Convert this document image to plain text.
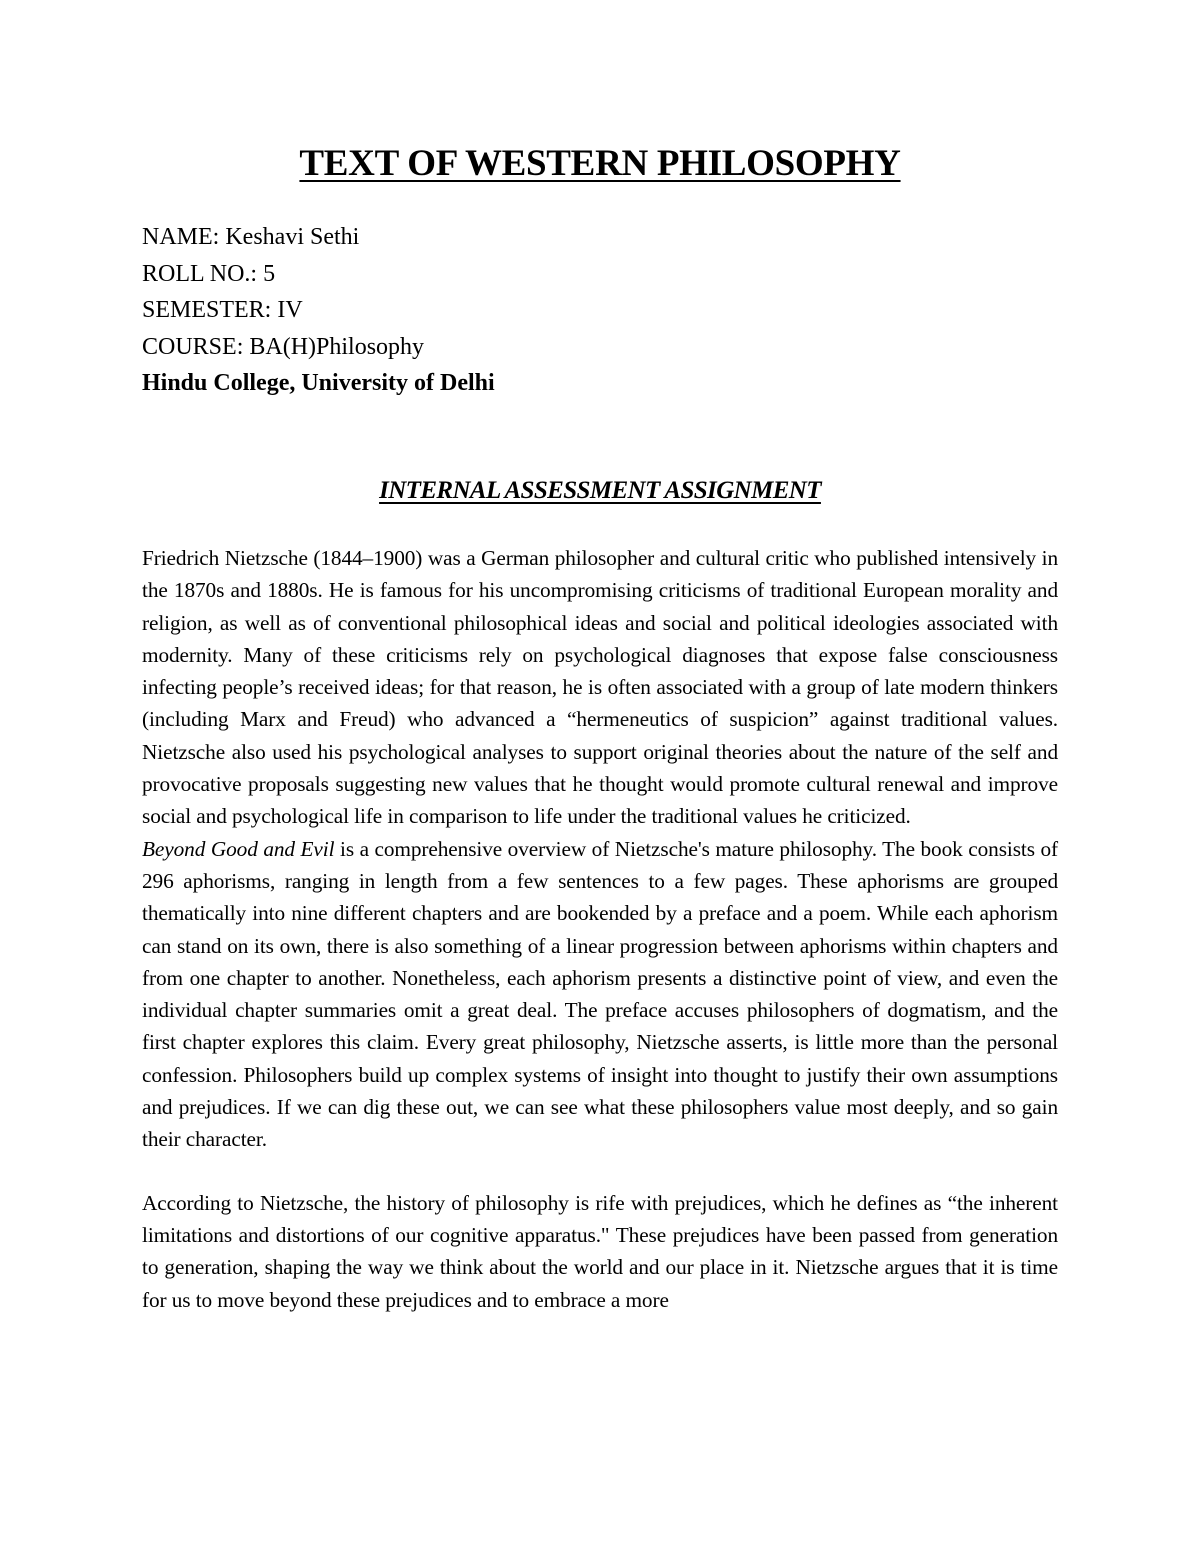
TEXT OF WESTERN PHILOSOPHY
NAME: Keshavi Sethi
ROLL NO.: 5
SEMESTER: IV
COURSE: BA(H)Philosophy
Hindu College, University of Delhi
INTERNAL ASSESSMENT ASSIGNMENT

Friedrich Nietzsche (1844–1900) was a German philosopher and cultural critic who published intensively in the 1870s and 1880s. He is famous for his uncompromising criticisms of traditional European morality and religion, as well as of conventional philosophical ideas and social and political ideologies associated with modernity. Many of these criticisms rely on psychological diagnoses that expose false consciousness infecting people’s received ideas; for that reason, he is often associated with a group of late modern thinkers (including Marx and Freud) who advanced a “hermeneutics of suspicion” against traditional values. Nietzsche also used his psychological analyses to support original theories about the nature of the self and provocative proposals suggesting new values that he thought would promote cultural renewal and improve social and psychological life in comparison to life under the traditional values he criticized.

Beyond Good and Evil is a comprehensive overview of Nietzsche's mature philosophy. The book consists of 296 aphorisms, ranging in length from a few sentences to a few pages. These aphorisms are grouped thematically into nine different chapters and are bookended by a preface and a poem. While each aphorism can stand on its own, there is also something of a linear progression between aphorisms within chapters and from one chapter to another. Nonetheless, each aphorism presents a distinctive point of view, and even the individual chapter summaries omit a great deal. The preface accuses philosophers of dogmatism, and the first chapter explores this claim. Every great philosophy, Nietzsche asserts, is little more than the personal confession. Philosophers build up complex systems of insight into thought to justify their own assumptions and prejudices. If we can dig these out, we can see what these philosophers value most deeply, and so gain their character.

According to Nietzsche, the history of philosophy is rife with prejudices, which he defines as “the inherent limitations and distortions of our cognitive apparatus." These prejudices have been passed from generation to generation, shaping the way we think about the world and our place in it. Nietzsche argues that it is time for us to move beyond these prejudices and to embrace a more
